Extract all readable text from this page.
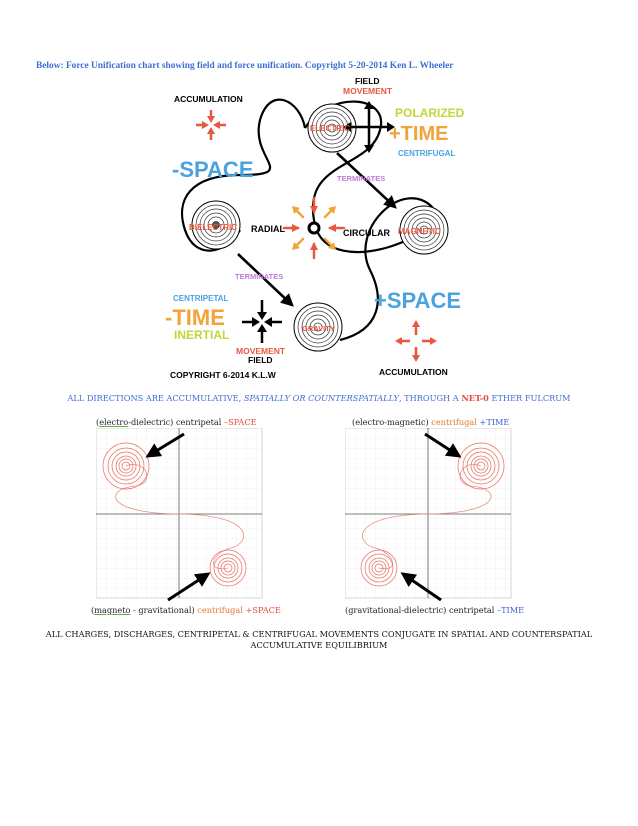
Below: Force Unification chart showing field and force unification. Copyright 5-20-2014 Ken L. Wheeler
ACCUMULATION
FIELD
MOVEMENT
POLARIZED
+TIME
CENTRIFUGAL
ELECTRIC
-SPACE	TERMINATES
DIELECTRIC RADIAL	CIRCULAR MAGNETIC
TERMINATES
CENTRIPETAL
-TIME
INERTIAL
+SPACE
GRAVITY
MOVEMENT
FIELD
ACCUMULATION
COPYRIGHT 6-2014 K.L.W
ALL DIRECTIONS ARE ACCUMULATIVE, SPATIALLY OR COUNTERSPATIALLY, THROUGH A NET-0 ETHER FULCRUM
(electro-dielectric) centripetal –SPACE
(magneto - gravitational) centrifugal +SPACE
(electro-magnetic) centrifugal +TIME
(gravitational-dielectric) centripetal –TIME
ALL CHARGES, DISCHARGES, CENTRIPETAL & CENTRIFUGAL MOVEMENTS CONJUGATE IN SPATIAL AND COUNTERSPATIAL
ACCUMULATIVE EQUILIBRIUM
